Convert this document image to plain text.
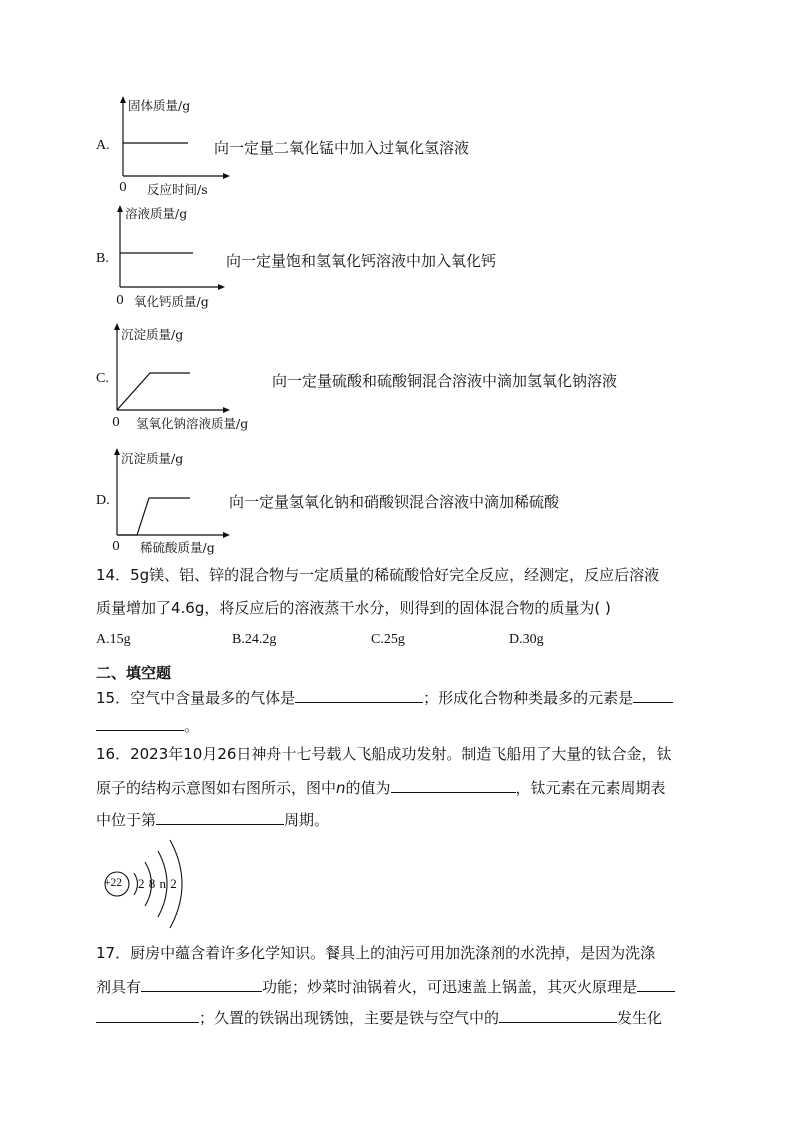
A.
固体质量/g
0 反应时间/s
向一定量二氧化锰中加入过氧化氢溶液
B.
溶液质量/g
0 氧化钙质量/g
向一定量饱和氢氧化钙溶液中加入氧化钙
C.
沉淀质量/g
0 氢氧化钠溶液质量/g
向一定量硫酸和硫酸铜混合溶液中滴加氢氧化钠溶液
D.
沉淀质量/g
0 稀硫酸质量/g
向一定量氢氧化钠和硝酸钡混合溶液中滴加稀硫酸
14．5g镁、铝、锌的混合物与一定质量的稀硫酸恰好完全反应，经测定，反应后溶液
质量增加了4.6g，将反应后的溶液蒸干水分，则得到的固体混合物的质量为( )
A.15g	B.24.2g	C.25g	D.30g
二、填空题
15．空气中含量最多的气体是	；形成化合物种类最多的元素是
。
16．2023年10月26日神舟十七号载人飞船成功发射。制造飞船用了大量的钛合金，钛
原子的结构示意图如右图所示，图中n的值为	，钛元素在元素周期表
中位于第	周期。
+22 2 8 n 2
17．厨房中蕴含着许多化学知识。餐具上的油污可用加洗涤剂的水洗掉，是因为洗涤
剂具有	功能；炒菜时油锅着火，可迅速盖上锅盖，其灭火原理是
；久置的铁锅出现锈蚀，主要是铁与空气中的	发生化
